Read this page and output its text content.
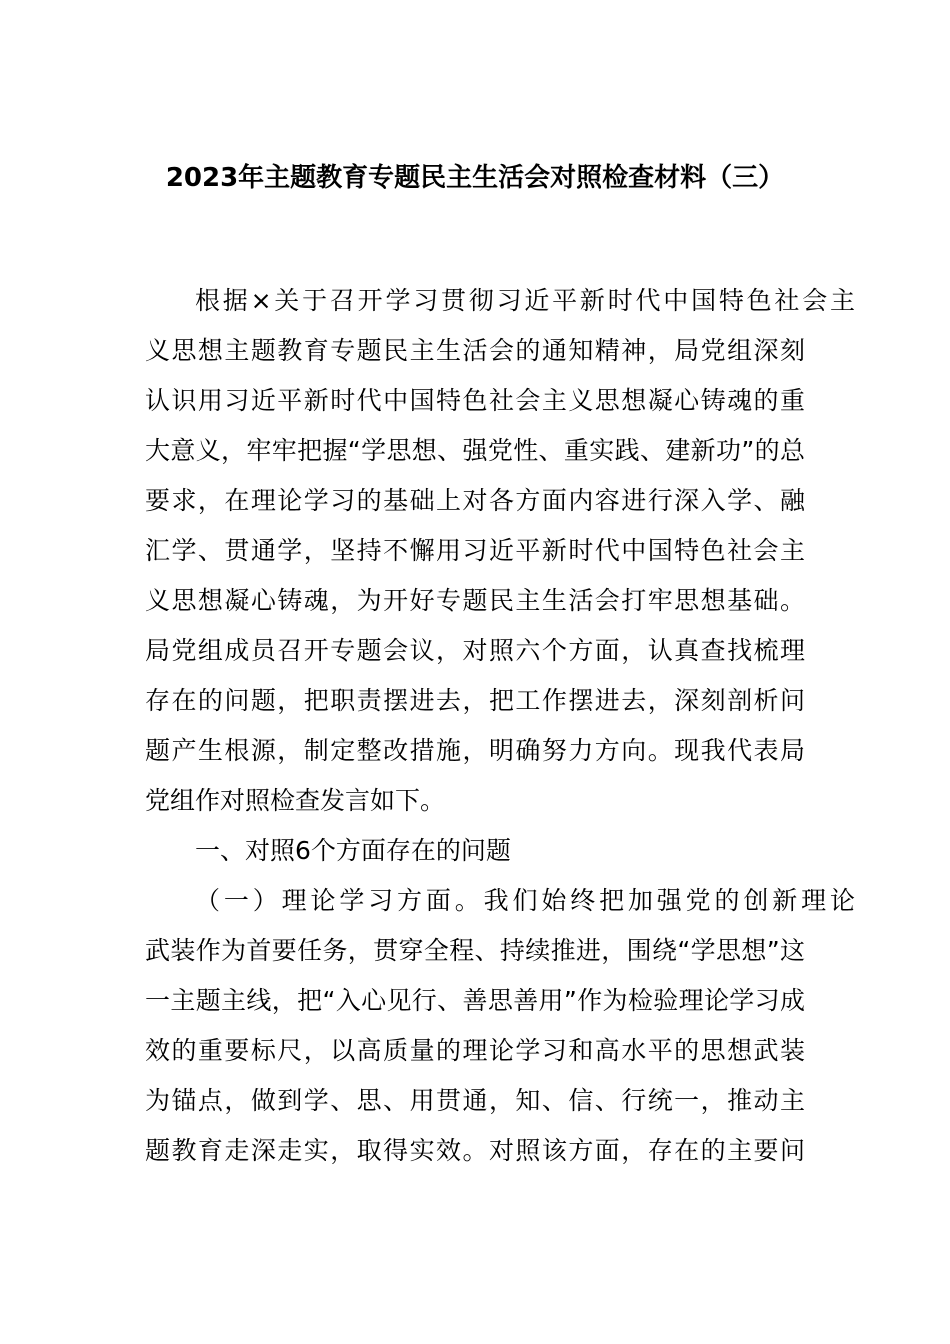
2023年主题教育专题民主生活会对照检查材料（三）
根据×关于召开学习贯彻习近平新时代中国特色社会主
义思想主题教育专题民主生活会的通知精神，局党组深刻
认识用习近平新时代中国特色社会主义思想凝心铸魂的重
大意义，牢牢把握“学思想、强党性、重实践、建新功”的总
要求，在理论学习的基础上对各方面内容进行深入学、融
汇学、贯通学，坚持不懈用习近平新时代中国特色社会主
义思想凝心铸魂，为开好专题民主生活会打牢思想基础。
局党组成员召开专题会议，对照六个方面，认真查找梳理
存在的问题，把职责摆进去，把工作摆进去，深刻剖析问
题产生根源，制定整改措施，明确努力方向。现我代表局
党组作对照检查发言如下。
一、对照6个方面存在的问题
（一）理论学习方面。我们始终把加强党的创新理论
武装作为首要任务，贯穿全程、持续推进，围绕“学思想”这
一主题主线，把“入心见行、善思善用”作为检验理论学习成
效的重要标尺，以高质量的理论学习和高水平的思想武装
为锚点，做到学、思、用贯通，知、信、行统一，推动主
题教育走深走实，取得实效。对照该方面，存在的主要问
